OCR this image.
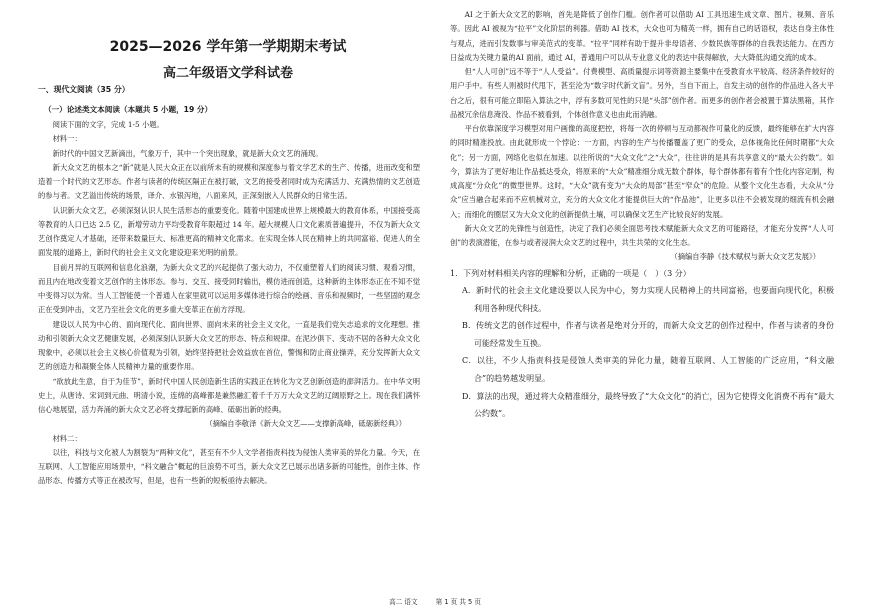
2025—2026 学年第一学期期末考试
高二年级语文学科试卷
一、现代文阅读（35 分）
（一）论述类文本阅读（本题共 5 小题，19 分）

阅读下面的文字，完成 1-5 小题。

材料一：

新时代的中国文艺新滴出，气象万千，其中一个突出现象，就是新大众文艺的涌现。

新大众文艺的根本之“新”就是人民大众正在以前所未有的规模和深度参与着文学艺术的生产、传播，进而改变和塑造着一个时代的文艺形态。作者与读者的传统区隔正在被打破，文艺的接受者同时成为充满活力、充满热情的文艺创造的参与者。文艺溢出传统的场景，译介、水银泻地，八面来风，正深刻嵌入人民群众的日常生活。

认识新大众文艺，必须深刻认识人民生活形态的重要变化。随着中国建成世界上规模最大的教育体系，中国接受高等教育的人口已达 2.5 亿，新增劳动力平均受教育年限超过 14 年。超大规模人口文化素质普遍提升，不仅为新大众文艺创作奠定人才基础，还带来数量巨大、标准更高的精神文化需求。在实现全体人民在精神上的共同富裕、促进人的全面发展的道路上，新时代的社会主义文化建设迎来光明的前景。

目前月异的互联网和信息化浪潮，为新大众文艺的兴起提供了强大动力，不仅重塑着人们的阅读习惯、观看习惯，而且内在地改变着文艺创作的主体形态。参与、交互、接受同时输出，模仿进而创造，这种新的主体形态正在不知不觉中变得习以为常。当人工智能使一个普通人在家里就可以运用多媒体进行综合的绘画、音乐和视频时，一些坚固的观念正在受到冲击，文艺乃至社会文化的更多重大变革正在前方浮现。

建设以人民为中心的、面向现代化、面向世界、面向未来的社会主义文化，一直是我们党矢志追求的文化理想。推动和引领新大众文艺健康发展，必须深刻认识新大众文艺的形态、特点和规律。在泥沙俱下、变动不居的各种大众文化现象中，必须以社会主义核心价值观为引领，始终坚持把社会效益放在首位，警惕和防止商业操弄，充分发挥新大众文艺的创造力和凝聚全体人民精神力量的重要作用。

“欲放此生意，自于为佳节”，新时代中国人民创造新生活的实践正在转化为文艺创新创造的澎湃活力。在中华文明史上，从唐诗、宋词到元曲、明清小说，连绵的高峰都是兼然融汇着千千万万大众文艺的辽阔原野之上。现在我们满怀信心地展望，活力奔涌的新大众文艺必将支撑起新的高峰、砥砺出新的经典。

（摘编自李敬泽《新大众文艺——支撑新高峰，砥砺新经典》）

材料二：

以往，科技与文化被人为割裂为“两种文化”，甚至有不少人文学者指责科技为侵蚀人类审美的异化力量。今天，在互联网、人工智能应用场景中，“科文融合”概起的巨浪势不可当，新大众文艺已展示出诸多新的可能性，创作主体、作品形态、传播方式等正在被改写，但是，也有一些新的短板亟待去解决。

AI 之于新大众文艺的影响，首先是降低了创作门槛。创作者可以借助 AI 工具迅速生成文章、图片、视频、音乐等。因此 AI 被视为“拉平”文化阶层的利器。借助 AI 技术，大众也可为精英一样，拥有自己的话语权，表达自身主体性与观点，进而引发数事与审美范式的变革。“拉平”同样有助于提升非母语者、少数民族等群体的自我表达能力。在西方日益成为关键力量的AI 面前，通过 AI，普通用户可以从专业意义化的表达中获得解放，大大降低沟通交流的成本。

但“人人可创”远不等于“人人受益”。付费模型、高质量提示词等资源主要集中在受教育水平较高、经济条件较好的用户手中。有些人则被时代甩下，甚至沦为“数字时代新文盲”。另外，当自下而上，自发主动的创作的作品进入各大平台之后，很有可能立即陷入算法之中，浮有多数可见性的只是“头部”创作者。而更多的创作者会被置于算法黑箱，其作品被冗余信息淹没、作品不被看到，个体创作意义也由此而消融。

平台依靠深度学习模型对用户画像的高度把控，将每一次的停顿与互动都视作可量化的反馈，最终能够在扩大内容的同时精准投放。由此就形成一个悖论：一方面，内容的生产与传播覆盖了更广的受众，总体视角比任何时期都“大众化”；另一方面，网络化也似在加速。以往所说的“大众文化”之“大众”，往往讲的是具有共享意义的“最大公约数”。如今，算法为了更好地让作品抵达受众，将原来的“大众”精准细分成无数个群体，每个群体都有着有个性化内容定制，构成高度“分众化”的微型世界。这时，“大众”就有变为“大众的局部”甚至“窄众”的危险。从整个文化生态看，大众从“分众”应当融合起来而不应机械对立，充分的大众文化才能提供巨大的“作品池”，让更多以往不会被发现的细流有机会融入；而细化的圈层又为大众文化的创新提供土壤，可以确保文艺生产比较良好的发展。

新大众文艺的先锋性与创造性，决定了我们必须全面思考技术赋能新大众文艺的可能路径，才能充分发挥“人人可创”的表演潜能，在参与或者浸润大众文艺的过程中，共生共荣的文化生态。

（摘编自李静《技术赋权与新大众文艺发展》）

1．下列对材料相关内容的理解和分析，正确的一项是（　）（3 分）
A．新时代的社会主文化建设要以人民为中心，努力实现人民精神上的共同富裕，也要面向现代化，积极利用各种现代科技。
B．传统文艺的创作过程中，作者与读者是绝对分开的，而新大众文艺的创作过程中，作者与读者的身份可能经常发生互换。
C．以往，不少人指责科技是侵蚀人类审美的异化力量，随着互联网、人工智能的广泛应用，“科文融合”的趋势越发明显。
D．算法的出现，通过将大众精准细分，最终导致了“大众文化”的消亡，因为它使得文化消费不再有“最大公约数”。
高二 语文	第 1 页 共 5 页
